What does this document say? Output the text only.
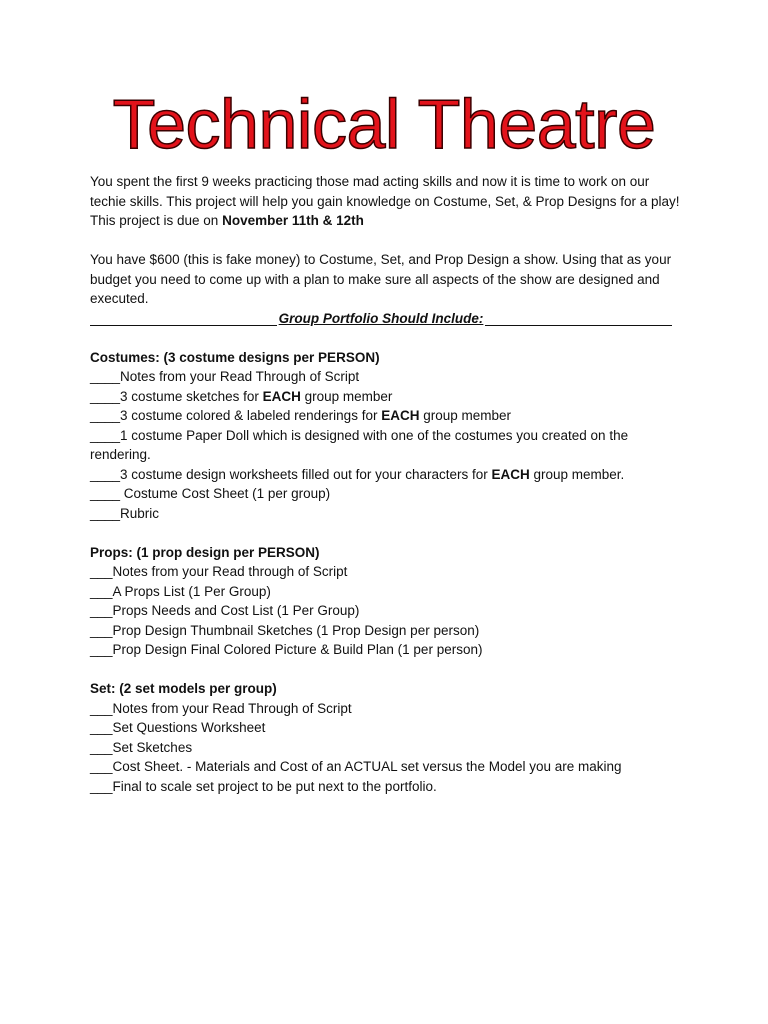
Technical Theatre

You spent the first 9 weeks practicing those mad acting skills and now it is time to work on our techie skills. This project will help you gain knowledge on Costume, Set, & Prop Designs for a play! This project is due on November 11th & 12th

You have $600 (this is fake money) to Costume, Set, and Prop Design a show. Using that as your budget you need to come up with a plan to make sure all aspects of the show are designed and executed.

Group Portfolio Should Include:

Costumes: (3 costume designs per PERSON)

____Notes from your Read Through of Script

____3 costume sketches for EACH group member

____3 costume colored & labeled renderings for EACH group member

____1 costume Paper Doll which is designed with one of the costumes you created on the rendering.

____3 costume design worksheets filled out for your characters for EACH group member.

____ Costume Cost Sheet (1 per group)

____Rubric

Props: (1 prop design per PERSON)

___Notes from your Read through of Script

___A Props List (1 Per Group)

___Props Needs and Cost List (1 Per Group)

___Prop Design Thumbnail Sketches (1 Prop Design per person)

___Prop Design Final Colored Picture & Build Plan (1 per person)

Set: (2 set models per group)

___Notes from your Read Through of Script

___Set Questions Worksheet

___Set Sketches

___Cost Sheet. - Materials and Cost of an ACTUAL set versus the Model you are making

___Final to scale set project to be put next to the portfolio.
